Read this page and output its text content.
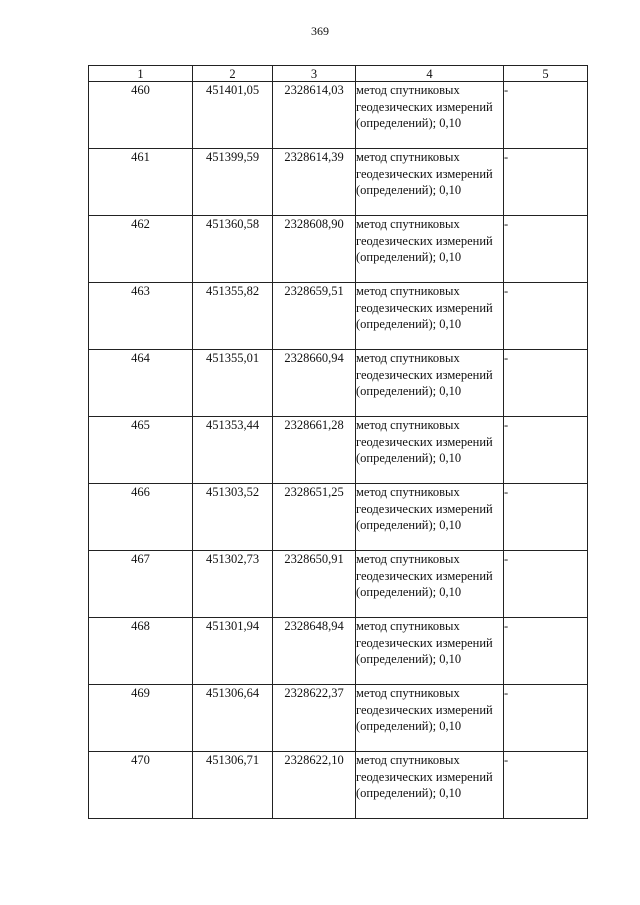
369
1	2	3	4	5
460	451401,05	2328614,03	метод спутниковых геодезических измерений (определений); 0,10	-
461	451399,59	2328614,39	метод спутниковых геодезических измерений (определений); 0,10	-
462	451360,58	2328608,90	метод спутниковых геодезических измерений (определений); 0,10	-
463	451355,82	2328659,51	метод спутниковых геодезических измерений (определений); 0,10	-
464	451355,01	2328660,94	метод спутниковых геодезических измерений (определений); 0,10	-
465	451353,44	2328661,28	метод спутниковых геодезических измерений (определений); 0,10	-
466	451303,52	2328651,25	метод спутниковых геодезических измерений (определений); 0,10	-
467	451302,73	2328650,91	метод спутниковых геодезических измерений (определений); 0,10	-
468	451301,94	2328648,94	метод спутниковых геодезических измерений (определений); 0,10	-
469	451306,64	2328622,37	метод спутниковых геодезических измерений (определений); 0,10	-
470	451306,71	2328622,10	метод спутниковых геодезических измерений (определений); 0,10	-
